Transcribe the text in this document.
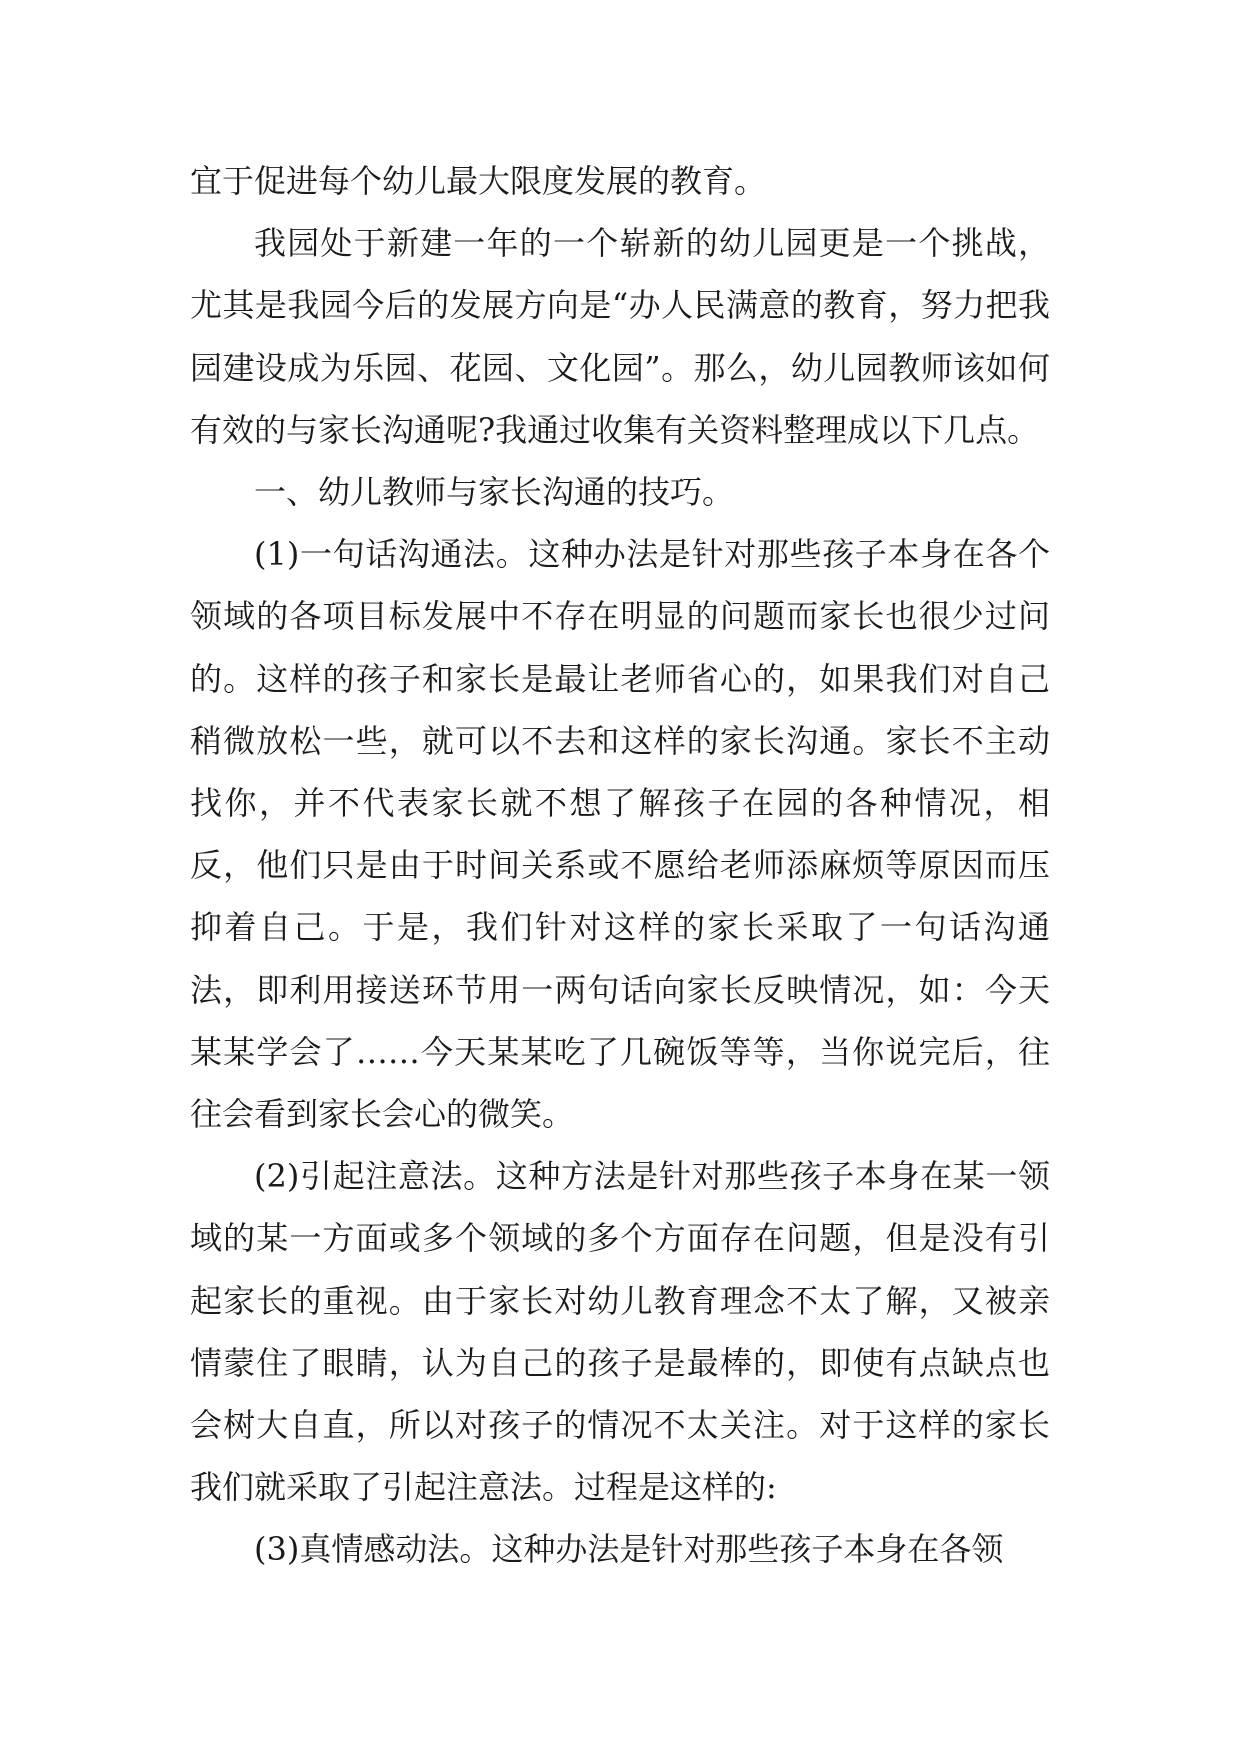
宜于促进每个幼儿最大限度发展的教育。

我园处于新建一年的一个崭新的幼儿园更是一个挑战，尤其是我园今后的发展方向是“办人民满意的教育，努力把我园建设成为乐园、花园、文化园”。那么，幼儿园教师该如何有效的与家长沟通呢?我通过收集有关资料整理成以下几点。

一、幼儿教师与家长沟通的技巧。

(1)一句话沟通法。这种办法是针对那些孩子本身在各个领域的各项目标发展中不存在明显的问题而家长也很少过问的。这样的孩子和家长是最让老师省心的，如果我们对自己稍微放松一些，就可以不去和这样的家长沟通。家长不主动找你，并不代表家长就不想了解孩子在园的各种情况，相反，他们只是由于时间关系或不愿给老师添麻烦等原因而压抑着自己。于是，我们针对这样的家长采取了一句话沟通法，即利用接送环节用一两句话向家长反映情况，如：今天某某学会了……今天某某吃了几碗饭等等，当你说完后，往往会看到家长会心的微笑。

(2)引起注意法。这种方法是针对那些孩子本身在某一领域的某一方面或多个领域的多个方面存在问题，但是没有引起家长的重视。由于家长对幼儿教育理念不太了解，又被亲情蒙住了眼睛，认为自己的孩子是最棒的，即使有点缺点也会树大自直，所以对孩子的情况不太关注。对于这样的家长我们就采取了引起注意法。过程是这样的:

(3)真情感动法。这种办法是针对那些孩子本身在各领
